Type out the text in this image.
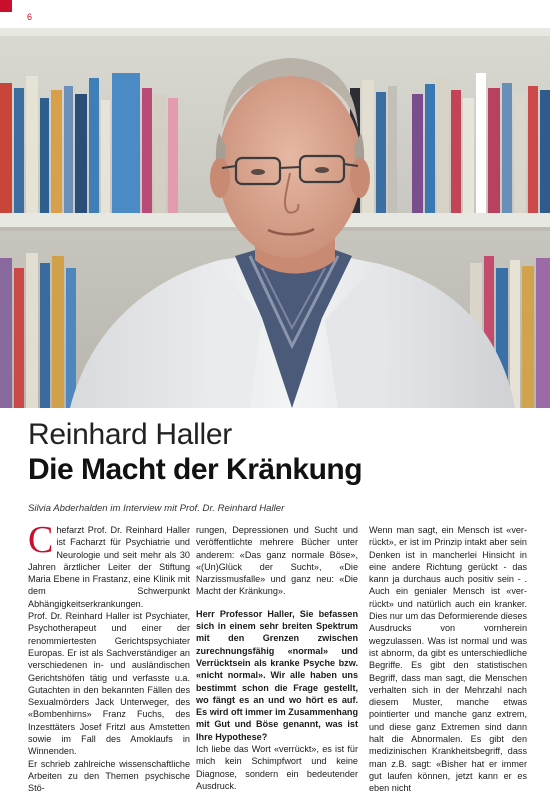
6
Reinhard Haller
Die Macht der Kränkung
Silvia Abderhalden im Interview mit Prof. Dr. Reinhard Haller

Chefarzt Prof. Dr. Reinhard Haller ist Facharzt für Psychiatrie und Neurologie und seit mehr als 30 Jahren ärztlicher Leiter der Stiftung Maria Ebene in Frastanz, eine Klinik mit dem Schwerpunkt Abhängigkeitserkrankungen.

Prof. Dr. Reinhard Haller ist Psychiater, Psychotherapeut und einer der renommiertesten Gerichtspsychiater Europas. Er ist als Sachverständiger an verschiedenen in- und ausländischen Gerichtshöfen tätig und verfasste u.a. Gutachten in den bekannten Fällen des Sexualmörders Jack Unterweger, des «Bombenhirns» Franz Fuchs, des Inzesttäters Josef Fritzl aus Amstetten sowie im Fall des Amoklaufs in Winnenden.

Er schrieb zahlreiche wissenschaftliche Arbeiten zu den Themen psychische Stö-

rungen, Depressionen und Sucht und veröffentlichte mehrere Bücher unter anderem: «Das ganz normale Böse», «(Un)Glück der Sucht», «Die Narzissmusfalle» und ganz neu: «Die Macht der Kränkung».

Herr Professor Haller, Sie befassen sich in einem sehr breiten Spektrum mit den Grenzen zwischen zurechnungsfähig «normal» und Verrücktsein als kranke Psyche bzw. «nicht normal». Wir alle haben uns bestimmt schon die Frage gestellt, wo fängt es an und wo hört es auf. Es wird oft immer im Zusammenhang mit Gut und Böse genannt, was ist Ihre Hypothese?

Ich liebe das Wort «verrückt», es ist für mich kein Schimpfwort und keine Diagnose, sondern ein bedeutender Ausdruck.

Wenn man sagt, ein Mensch ist «ver-rückt», er ist im Prinzip intakt aber sein Denken ist in mancherlei Hinsicht in eine andere Richtung gerückt - das kann ja durchaus auch positiv sein - . Auch ein genialer Mensch ist «ver-rückt» und natürlich auch ein kranker. Dies nur um das Deformierende dieses Ausdrucks von vornherein wegzulassen. Was ist normal und was ist abnorm, da gibt es unterschiedliche Begriffe. Es gibt den statistischen Begriff, dass man sagt, die Menschen verhalten sich in der Mehrzahl nach diesem Muster, manche etwas pointierter und manche ganz extrem, und diese ganz Extremen sind dann halt die Abnormalen. Es gibt den medizinischen Krankheitsbegriff, dass man z.B. sagt: «Bisher hat er immer gut laufen können, jetzt kann er es eben nicht
